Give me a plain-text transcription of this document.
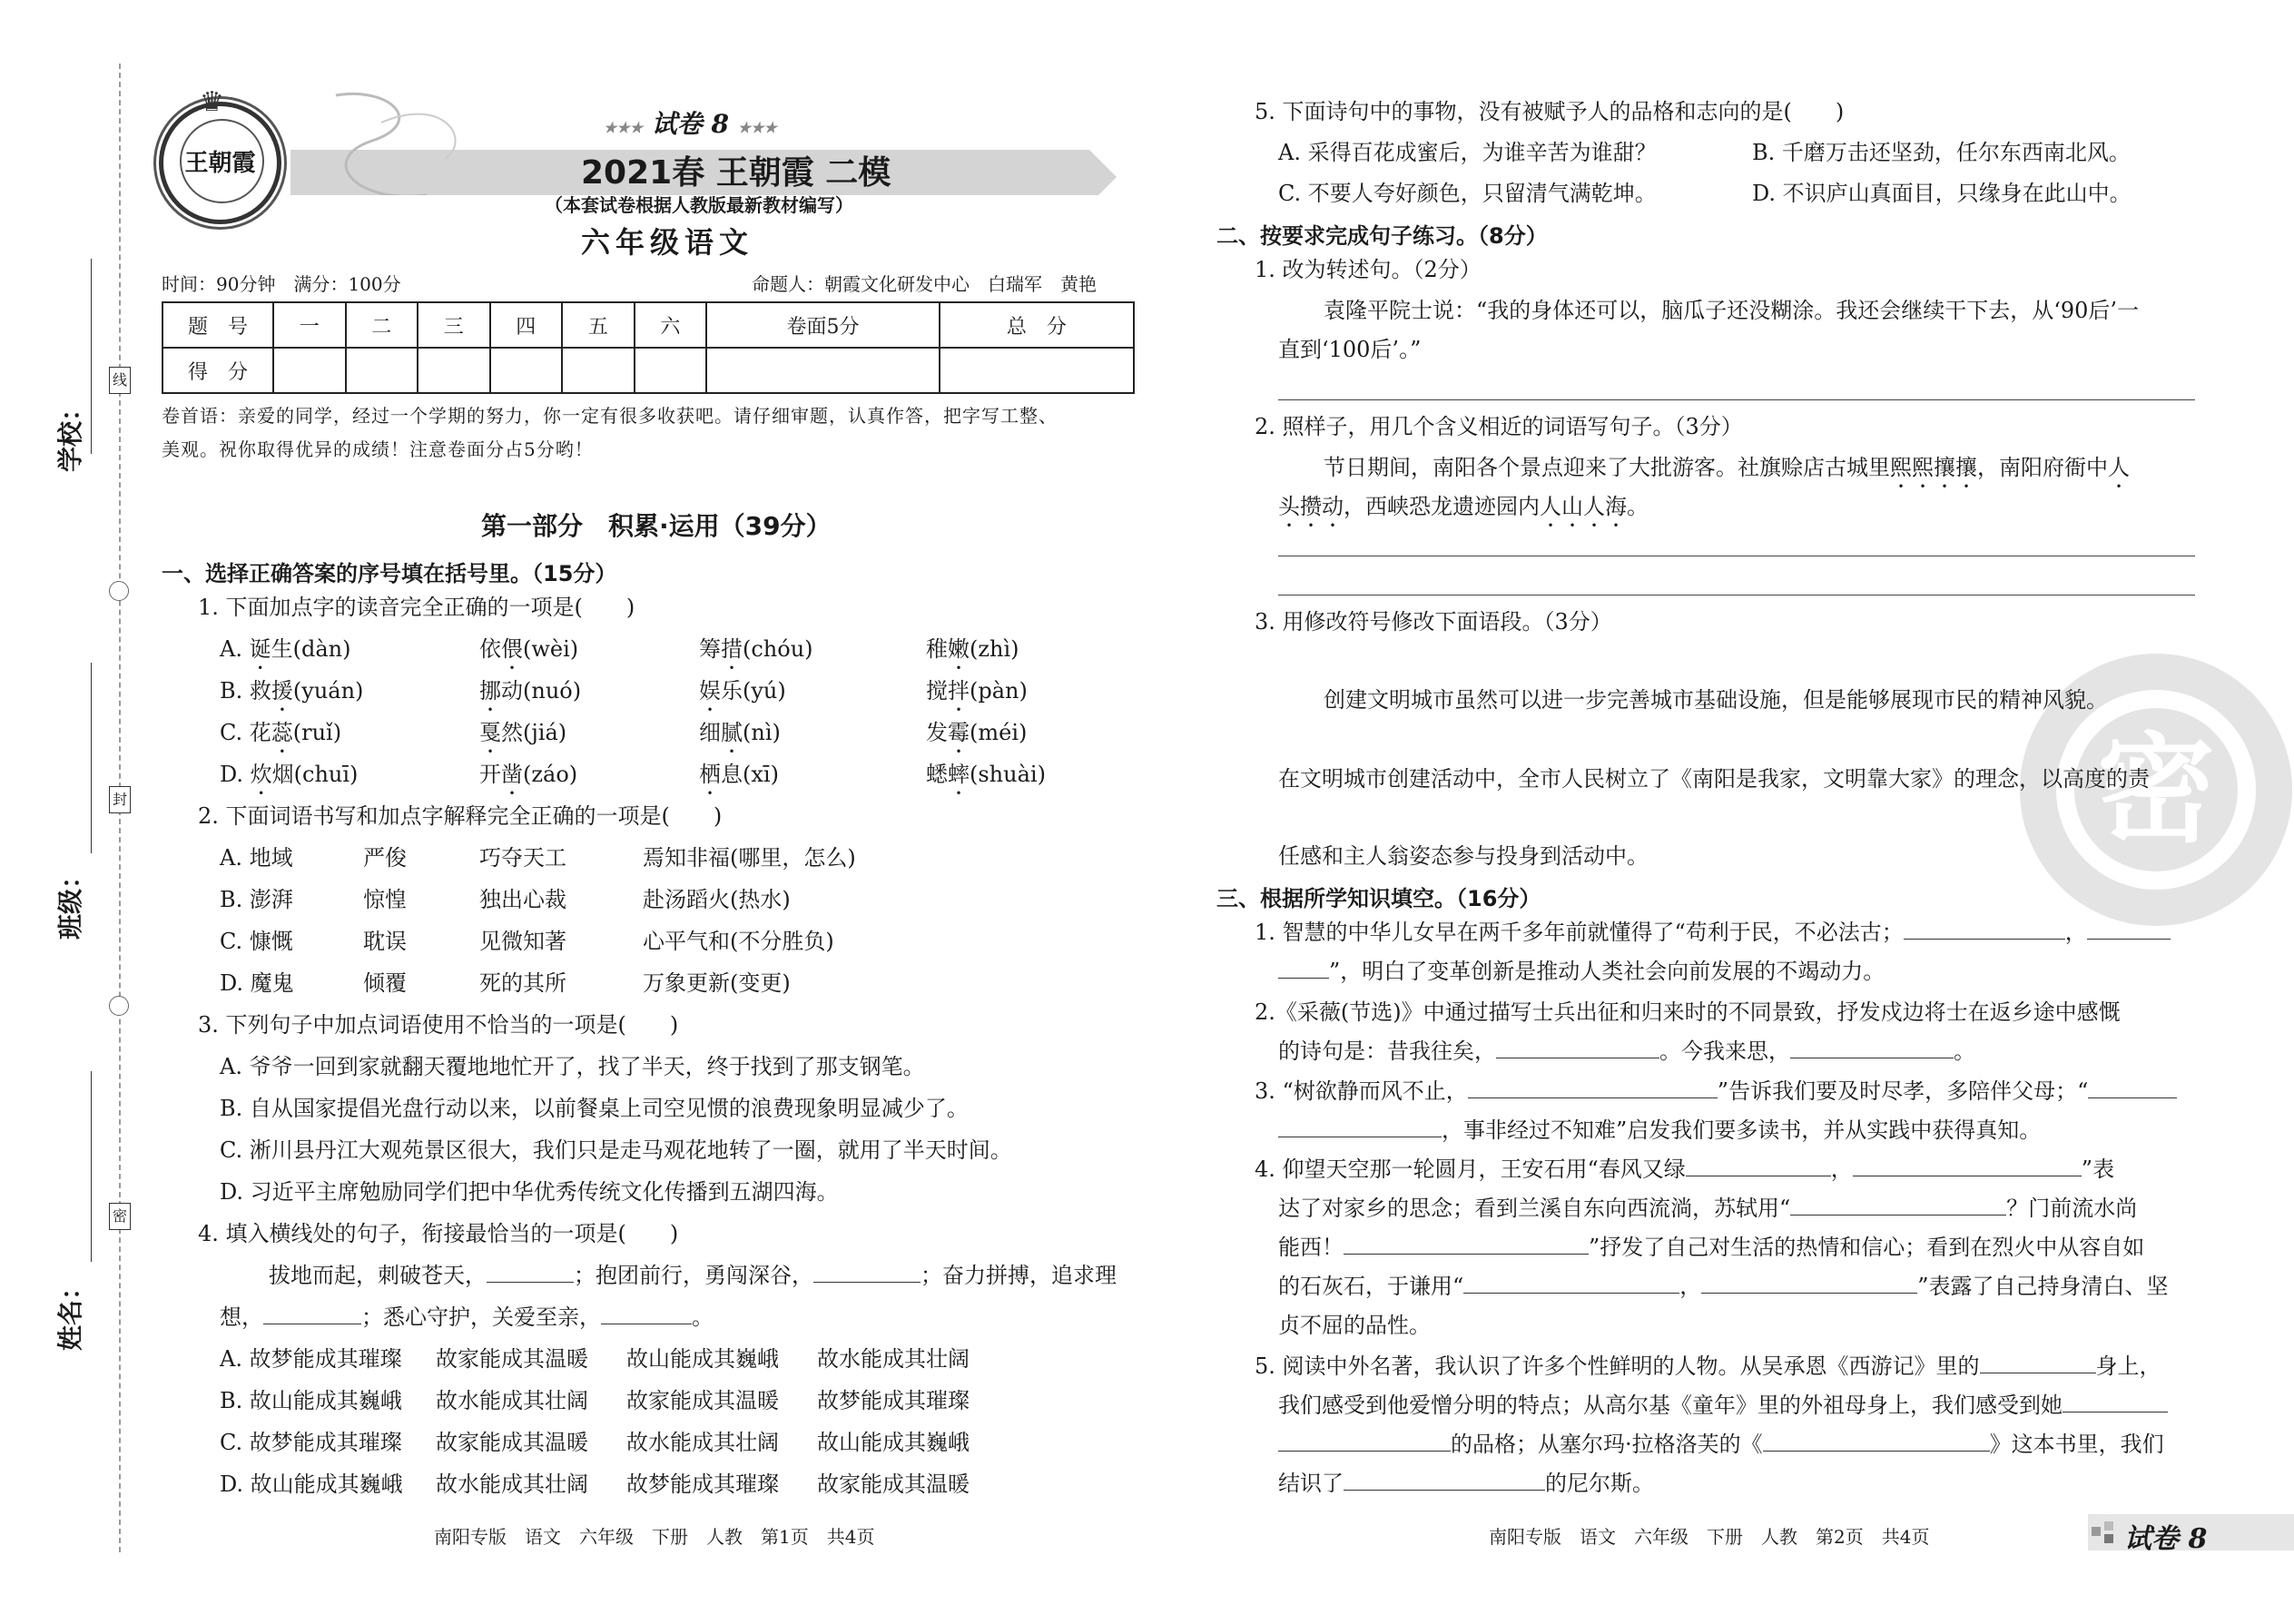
线
封
密
学校：
班级：
姓名：
王朝霞
♛
★★★ 试卷 8 ★★★
2021春 王朝霞 二模
（本套试卷根据人教版最新教材编写）
六年级语文
时间：90分钟　满分：100分	命题人：朝霞文化研发中心　白瑞军　黄艳
题　号	一	二	三	四	五	六	卷面5分	总　分
得　分								
卷首语：亲爱的同学，经过一个学期的努力，你一定有很多收获吧。请仔细审题，认真作答，把字写工整、
美观。祝你取得优异的成绩！注意卷面分占5分哟！
第一部分　积累·运用（39分）
一、选择正确答案的序号填在括号里。（15分）
1. 下面加点字的读音完全正确的一项是(　　)
A. 诞生(dàn)	依偎(wèi)	筹措(chóu)	稚嫩(zhì)
B. 救援(yuán)	挪动(nuó)	娱乐(yú)	搅拌(pàn)
C. 花蕊(ruǐ)	戛然(jiá)	细腻(nì)	发霉(méi)
D. 炊烟(chuī)	开凿(záo)	栖息(xī)	蟋蟀(shuài)
2. 下面词语书写和加点字解释完全正确的一项是(　　)
A. 地域	严俊	巧夺天工	焉知非福(哪里，怎么)
B. 澎湃	惊惶	独出心裁	赴汤蹈火(热水)
C. 慷慨	耽误	见微知著	心平气和(不分胜负)
D. 魔鬼	倾覆	死的其所	万象更新(变更)
3. 下列句子中加点词语使用不恰当的一项是(　　)
A. 爷爷一回到家就翻天覆地地忙开了，找了半天，终于找到了那支钢笔。
B. 自从国家提倡光盘行动以来，以前餐桌上司空见惯的浪费现象明显减少了。
C. 淅川县丹江大观苑景区很大，我们只是走马观花地转了一圈，就用了半天时间。
D. 习近平主席勉励同学们把中华优秀传统文化传播到五湖四海。
4. 填入横线处的句子，衔接最恰当的一项是(　　)
拔地而起，刺破苍天，	；抱团前行，勇闯深谷，	；奋力拼搏，追求理
想，	；悉心守护，关爱至亲，	。
A. 故梦能成其璀璨 故家能成其温暖 故山能成其巍峨 故水能成其壮阔
B. 故山能成其巍峨 故水能成其壮阔 故家能成其温暖 故梦能成其璀璨
C. 故梦能成其璀璨 故家能成其温暖 故水能成其壮阔 故山能成其巍峨
D. 故山能成其巍峨 故水能成其壮阔 故梦能成其璀璨 故家能成其温暖
南阳专版　语文　六年级　下册　人教　第1页　共4页
密
5. 下面诗句中的事物，没有被赋予人的品格和志向的是(　　)
A. 采得百花成蜜后，为谁辛苦为谁甜？	B. 千磨万击还坚劲，任尔东西南北风。
C. 不要人夸好颜色，只留清气满乾坤。	D. 不识庐山真面目，只缘身在此山中。
二、按要求完成句子练习。（8分）
1. 改为转述句。（2分）
袁隆平院士说：“我的身体还可以，脑瓜子还没糊涂。我还会继续干下去，从‘90后’一
直到‘100后’。”
2. 照样子，用几个含义相近的词语写句子。（3分）
节日期间，南阳各个景点迎来了大批游客。社旗赊店古城里熙熙攘攘，南阳府衙中人
头攒动，西峡恐龙遗迹园内人山人海。
3. 用修改符号修改下面语段。（3分）
创建文明城市虽然可以进一步完善城市基础设施，但是能够展现市民的精神风貌。
在文明城市创建活动中，全市人民树立了《南阳是我家，文明靠大家》的理念，以高度的责
任感和主人翁姿态参与投身到活动中。
三、根据所学知识填空。（16分）
1. 智慧的中华儿女早在两千多年前就懂得了“苟利于民，不必法古；	，
”，明白了变革创新是推动人类社会向前发展的不竭动力。
2.《采薇(节选)》中通过描写士兵出征和归来时的不同景致，抒发戍边将士在返乡途中感慨
的诗句是：昔我往矣，	。今我来思，	。
3. “树欲静而风不止，	”告诉我们要及时尽孝，多陪伴父母；“
，事非经过不知难”启发我们要多读书，并从实践中获得真知。
4. 仰望天空那一轮圆月，王安石用“春风又绿	，	”表
达了对家乡的思念；看到兰溪自东向西流淌，苏轼用“	？门前流水尚
能西！	”抒发了自己对生活的热情和信心；看到在烈火中从容自如
的石灰石，于谦用“	，	”表露了自己持身清白、坚
贞不屈的品性。
5. 阅读中外名著，我认识了许多个性鲜明的人物。从吴承恩《西游记》里的	身上，
我们感受到他爱憎分明的特点；从高尔基《童年》里的外祖母身上，我们感受到她
的品格；从塞尔玛·拉格洛芙的《	》这本书里，我们
结识了	的尼尔斯。
南阳专版　语文　六年级　下册　人教　第2页　共4页	试卷 8
